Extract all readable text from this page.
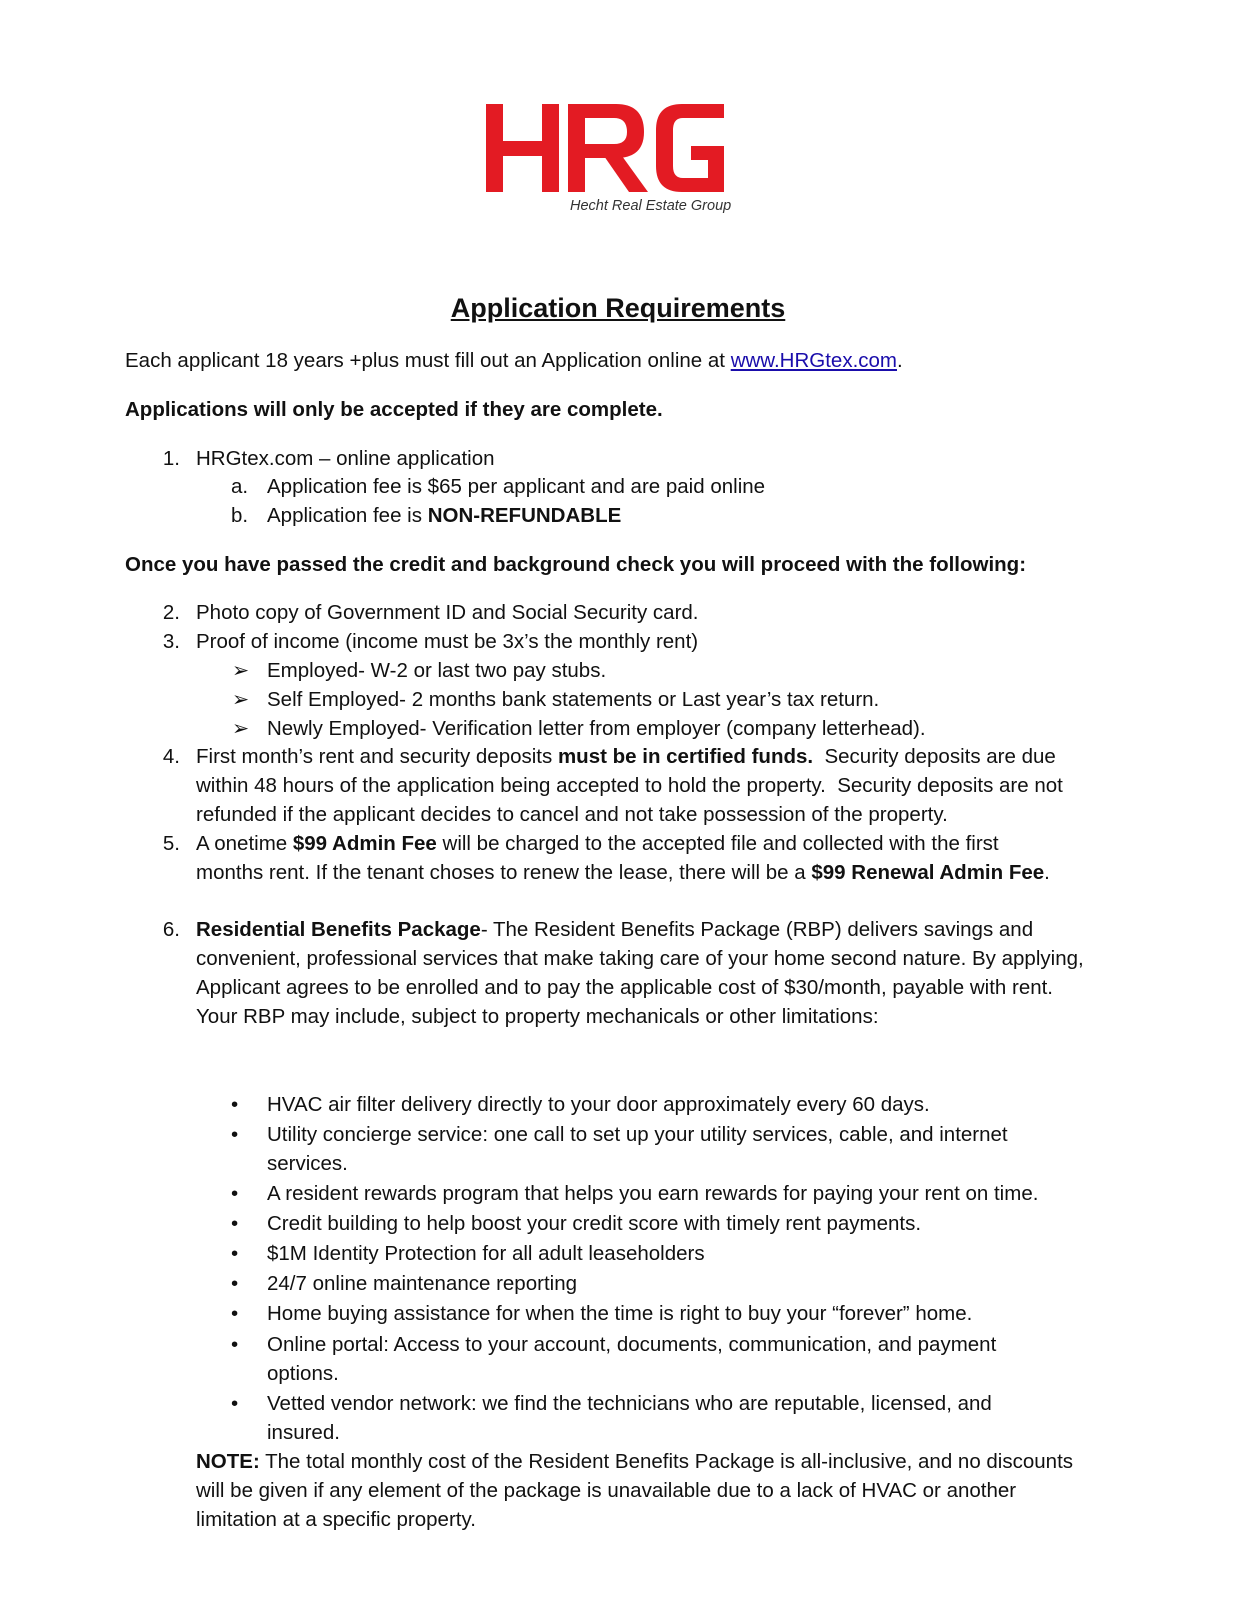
Hecht Real Estate Group
Application Requirements
Each applicant 18 years +plus must fill out an Application online at www.HRGtex.com.
Applications will only be accepted if they are complete.
1. HRGtex.com – online application
a. Application fee is $65 per applicant and are paid online
b. Application fee is NON-REFUNDABLE
Once you have passed the credit and background check you will proceed with the following:
2. Photo copy of Government ID and Social Security card.
3. Proof of income (income must be 3x’s the monthly rent)
➢ Employed- W-2 or last two pay stubs.
➢ Self Employed- 2 months bank statements or Last year’s tax return.
➢ Newly Employed- Verification letter from employer (company letterhead).
4. First month’s rent and security deposits must be in certified funds.  Security deposits are due within 48 hours of the application being accepted to hold the property.  Security deposits are not refunded if the applicant decides to cancel and not take possession of the property.
5. A onetime $99 Admin Fee will be charged to the accepted file and collected with the first months rent. If the tenant choses to renew the lease, there will be a $99 Renewal Admin Fee.
6. Residential Benefits Package- The Resident Benefits Package (RBP) delivers savings and convenient, professional services that make taking care of your home second nature. By applying, Applicant agrees to be enrolled and to pay the applicable cost of $30/month, payable with rent. Your RBP may include, subject to property mechanicals or other limitations:
• HVAC air filter delivery directly to your door approximately every 60 days.
• Utility concierge service: one call to set up your utility services, cable, and internet services.
• A resident rewards program that helps you earn rewards for paying your rent on time.
• Credit building to help boost your credit score with timely rent payments.
• $1M Identity Protection for all adult leaseholders
• 24/7 online maintenance reporting
• Home buying assistance for when the time is right to buy your “forever” home.
• Online portal: Access to your account, documents, communication, and payment options.
• Vetted vendor network: we find the technicians who are reputable, licensed, and insured.
NOTE: The total monthly cost of the Resident Benefits Package is all-inclusive, and no discounts will be given if any element of the package is unavailable due to a lack of HVAC or another limitation at a specific property.
